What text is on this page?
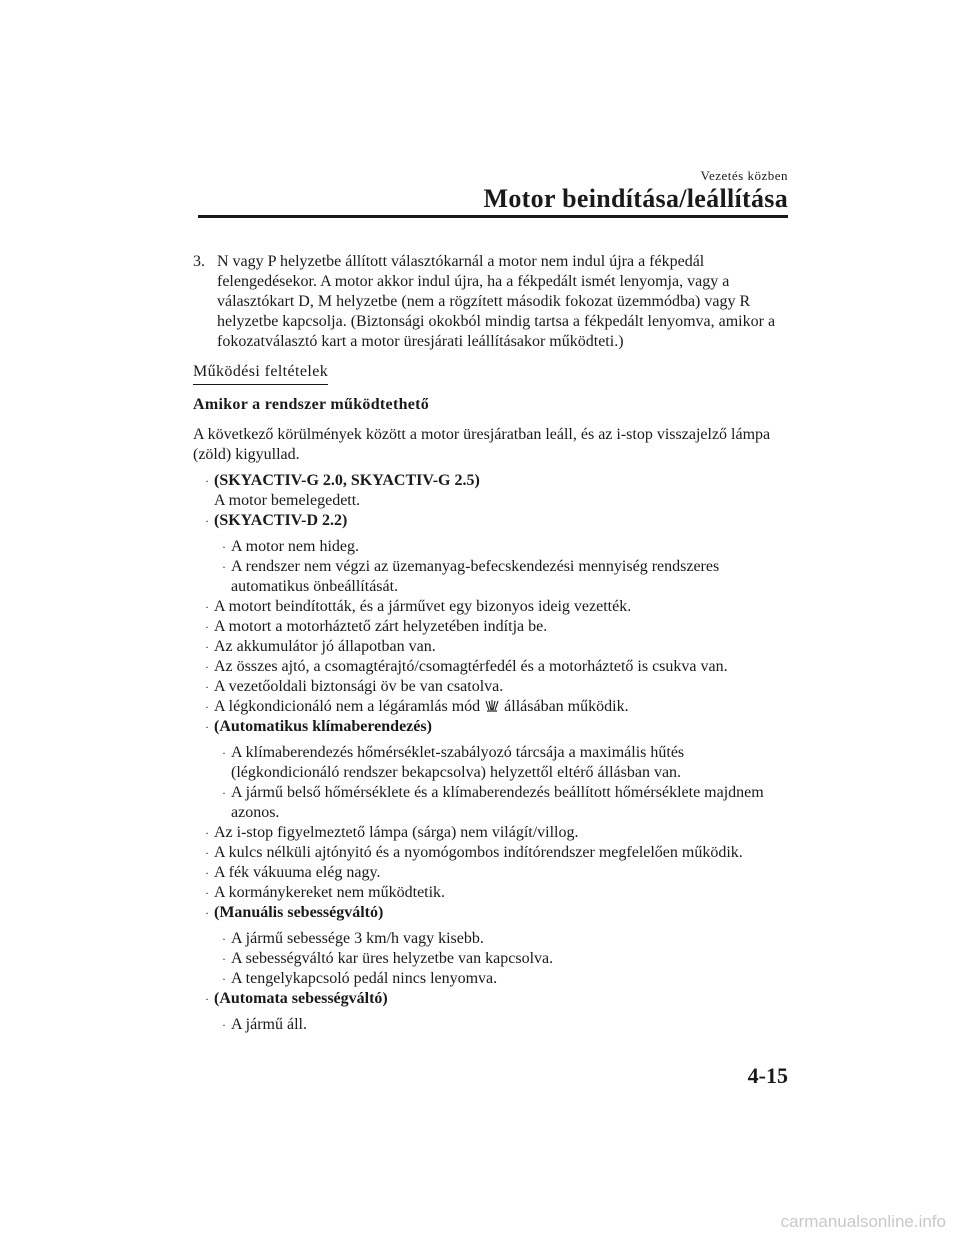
Vezetés közben
Motor beindítása/leállítása
3. N vagy P helyzetbe állított választókarnál a motor nem indul újra a fékpedál felengedésekor. A motor akkor indul újra, ha a fékpedált ismét lenyomja, vagy a választókart D, M helyzetbe (nem a rögzített második fokozat üzemmódba) vagy R helyzetbe kapcsolja. (Biztonsági okokból mindig tartsa a fékpedált lenyomva, amikor a fokozatválasztó kart a motor üresjárati leállításakor működteti.)
Működési feltételek
Amikor a rendszer működtethető
A következő körülmények között a motor üresjáratban leáll, és az i-stop visszajelző lámpa (zöld) kigyullad.
· (SKYACTIV-G 2.0, SKYACTIV-G 2.5)
A motor bemelegedett.
· (SKYACTIV-D 2.2)
· A motor nem hideg.
· A rendszer nem végzi az üzemanyag-befecskendezési mennyiség rendszeres automatikus önbeállítását.
· A motort beindították, és a járművet egy bizonyos ideig vezették.
· A motort a motorháztető zárt helyzetében indítja be.
· Az akkumulátor jó állapotban van.
· Az összes ajtó, a csomagtérajtó/csomagtérfedél és a motorháztető is csukva van.
· A vezetőoldali biztonsági öv be van csatolva.
· A légkondicionáló nem a légáramlás mód állásában működik.
· (Automatikus klímaberendezés)
· A klímaberendezés hőmérséklet-szabályozó tárcsája a maximális hűtés (légkondicionáló rendszer bekapcsolva) helyzettől eltérő állásban van.
· A jármű belső hőmérséklete és a klímaberendezés beállított hőmérséklete majdnem azonos.
· Az i-stop figyelmeztető lámpa (sárga) nem világít/villog.
· A kulcs nélküli ajtónyitó és a nyomógombos indítórendszer megfelelően működik.
· A fék vákuuma elég nagy.
· A kormánykereket nem működtetik.
· (Manuális sebességváltó)
· A jármű sebessége 3 km/h vagy kisebb.
· A sebességváltó kar üres helyzetbe van kapcsolva.
· A tengelykapcsoló pedál nincs lenyomva.
· (Automata sebességváltó)
· A jármű áll.
4-15
carmanualsonline.info
